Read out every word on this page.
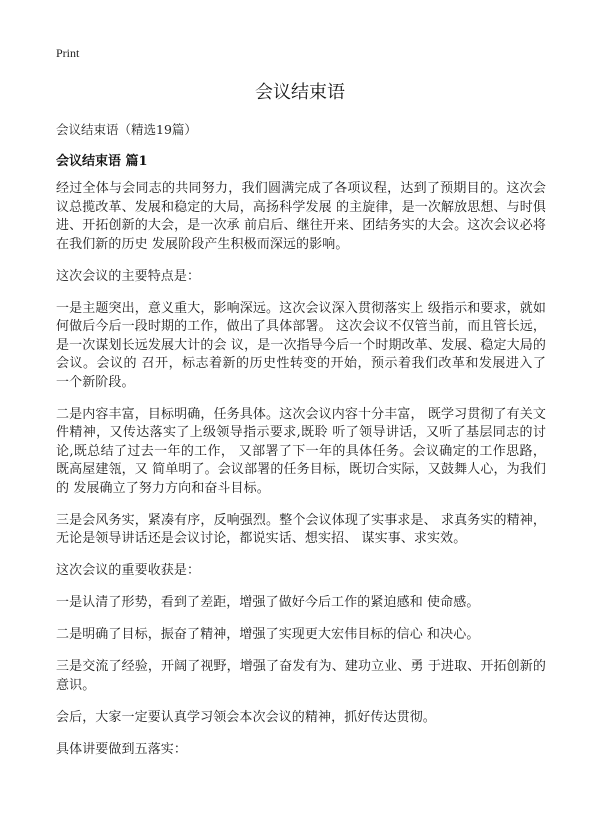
Print
会议结束语
会议结束语（精选19篇）
会议结束语 篇1

经过全体与会同志的共同努力，我们圆满完成了各项议程，达到了预期目的。这次会议总揽改革、发展和稳定的大局，高扬科学发展 的主旋律，是一次解放思想、与时俱进、开拓创新的大会，是一次承 前启后、继往开来、团结务实的大会。这次会议必将在我们新的历史 发展阶段产生积极而深远的影响。

这次会议的主要特点是：

一是主题突出，意义重大，影响深远。这次会议深入贯彻落实上 级指示和要求，就如何做后今后一段时期的工作，做出了具体部署。 这次会议不仅管当前，而且管长远，是一次谋划长远发展大计的会 议，是一次指导今后一个时期改革、发展、稳定大局的会议。会议的 召开，标志着新的历史性转变的开始，预示着我们改革和发展进入了 一个新阶段。

二是内容丰富，目标明确，任务具体。这次会议内容十分丰富， 既学习贯彻了有关文件精神，又传达落实了上级领导指示要求,既聆 听了领导讲话，又听了基层同志的讨论,既总结了过去一年的工作， 又部署了下一年的具体任务。会议确定的工作思路，既高屋建瓴，又 简单明了。会议部署的任务目标，既切合实际，又鼓舞人心，为我们 的 发展确立了努力方向和奋斗目标。

三是会风务实，紧凑有序，反响强烈。整个会议体现了实事求是、 求真务实的精神，无论是领导讲话还是会议讨论，都说实话、想实招、 谋实事、求实效。

这次会议的重要收获是：

一是认清了形势，看到了差距，增强了做好今后工作的紧迫感和 使命感。

二是明确了目标，振奋了精神，增强了实现更大宏伟目标的信心 和决心。

三是交流了经验，开阔了视野，增强了奋发有为、建功立业、勇 于进取、开拓创新的意识。

会后，大家一定要认真学习领会本次会议的精神，抓好传达贯彻。

具体讲要做到五落实：
